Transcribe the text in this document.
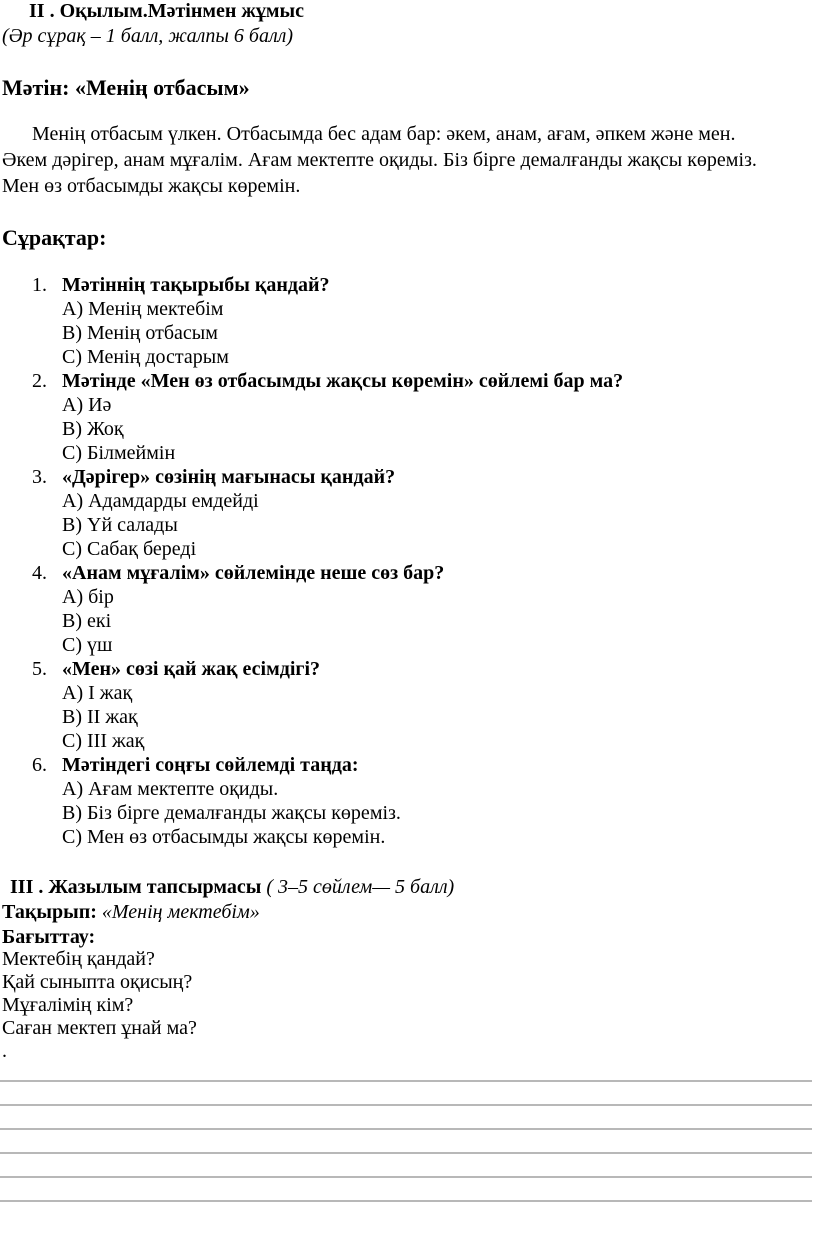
II . Оқылым.Мәтінмен жұмыс
(Әр сұрақ – 1 балл, жалпы 6 балл)
Мәтін: «Менің отбасым»
Менің отбасым үлкен. Отбасымда бес адам бар: әкем, анам, ағам, әпкем және мен.
Әкем дәрігер, анам мұғалім. Ағам мектепте оқиды. Біз бірге демалғанды жақсы көреміз.
Мен өз отбасымды жақсы көремін.
Сұрақтар:
1. Мәтіннің тақырыбы қандай?
A) Менің мектебім
B) Менің отбасым
C) Менің достарым
2. Мәтінде «Мен өз отбасымды жақсы көремін» сөйлемі бар ма?
A) Иә
B) Жоқ
C) Білмеймін
3. «Дәрігер» сөзінің мағынасы қандай?
A) Адамдарды емдейді
B) Үй салады
C) Сабақ береді
4. «Анам мұғалім» сөйлемінде неше сөз бар?
A) бір
B) екі
C) үш
5. «Мен» сөзі қай жақ есімдігі?
A) I жақ
B) II жақ
C) III жақ
6. Мәтіндегі соңғы сөйлемді таңда:
A) Ағам мектепте оқиды.
B) Біз бірге демалғанды жақсы көреміз.
C) Мен өз отбасымды жақсы көремін.
III . Жазылым тапсырмасы ( 3–5 сөйлем— 5 балл)
Тақырып: «Менің мектебім»
Бағыттау:
Мектебің қандай?
Қай сыныпта оқисың?
Мұғалімің кім?
Саған мектеп ұнай ма?
.
